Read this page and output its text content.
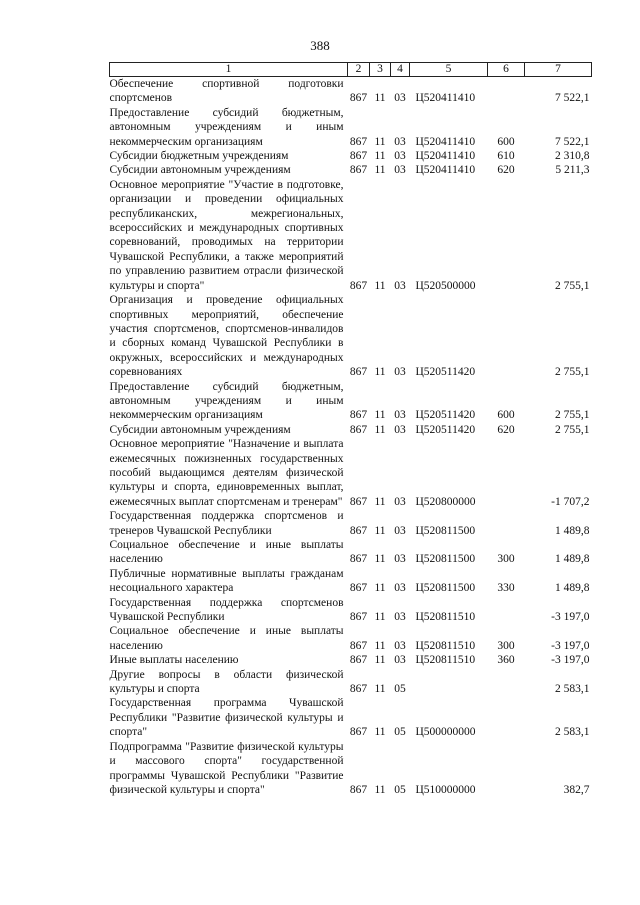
388
1	2	3	4	5	6	7
Обеспечение спортивной подготовки спортсменов	867	11	03	Ц520411410		7 522,1
Предоставление субсидий бюджетным, автономным учреждениям и иным некоммерческим организациям	867	11	03	Ц520411410	600	7 522,1
Субсидии бюджетным учреждениям	867	11	03	Ц520411410	610	2 310,8
Субсидии автономным учреждениям	867	11	03	Ц520411410	620	5 211,3
Основное мероприятие "Участие в подготовке, организации и проведении официальных республиканских, межрегиональных, всероссийских и международных спортивных соревнований, проводимых на территории Чувашской Республики, а также мероприятий по управлению развитием отрасли физической культуры и спорта"	867	11	03	Ц520500000		2 755,1
Организация и проведение официальных спортивных мероприятий, обеспечение участия спортсменов, спортсменов-инвалидов и сборных команд Чувашской Республики в окружных, всероссийских и международных соревнованиях	867	11	03	Ц520511420		2 755,1
Предоставление субсидий бюджетным, автономным учреждениям и иным некоммерческим организациям	867	11	03	Ц520511420	600	2 755,1
Субсидии автономным учреждениям	867	11	03	Ц520511420	620	2 755,1
Основное мероприятие "Назначение и выплата ежемесячных пожизненных государственных пособий выдающимся деятелям физической культуры и спорта, единовременных выплат, ежемесячных выплат спортсменам и тренерам"	867	11	03	Ц520800000		-1 707,2
Государственная поддержка спортсменов и тренеров Чувашской Республики	867	11	03	Ц520811500		1 489,8
Социальное обеспечение и иные выплаты населению	867	11	03	Ц520811500	300	1 489,8
Публичные нормативные выплаты гражданам несоциального характера	867	11	03	Ц520811500	330	1 489,8
Государственная поддержка спортсменов Чувашской Республики	867	11	03	Ц520811510		-3 197,0
Социальное обеспечение и иные выплаты населению	867	11	03	Ц520811510	300	-3 197,0
Иные выплаты населению	867	11	03	Ц520811510	360	-3 197,0
Другие вопросы в области физической культуры и спорта	867	11	05			2 583,1
Государственная программа Чувашской Республики "Развитие физической культуры и спорта"	867	11	05	Ц500000000		2 583,1
Подпрограмма "Развитие физической культуры и массового спорта" государственной программы Чувашской Республики "Развитие физической культуры и спорта"	867	11	05	Ц510000000		382,7
